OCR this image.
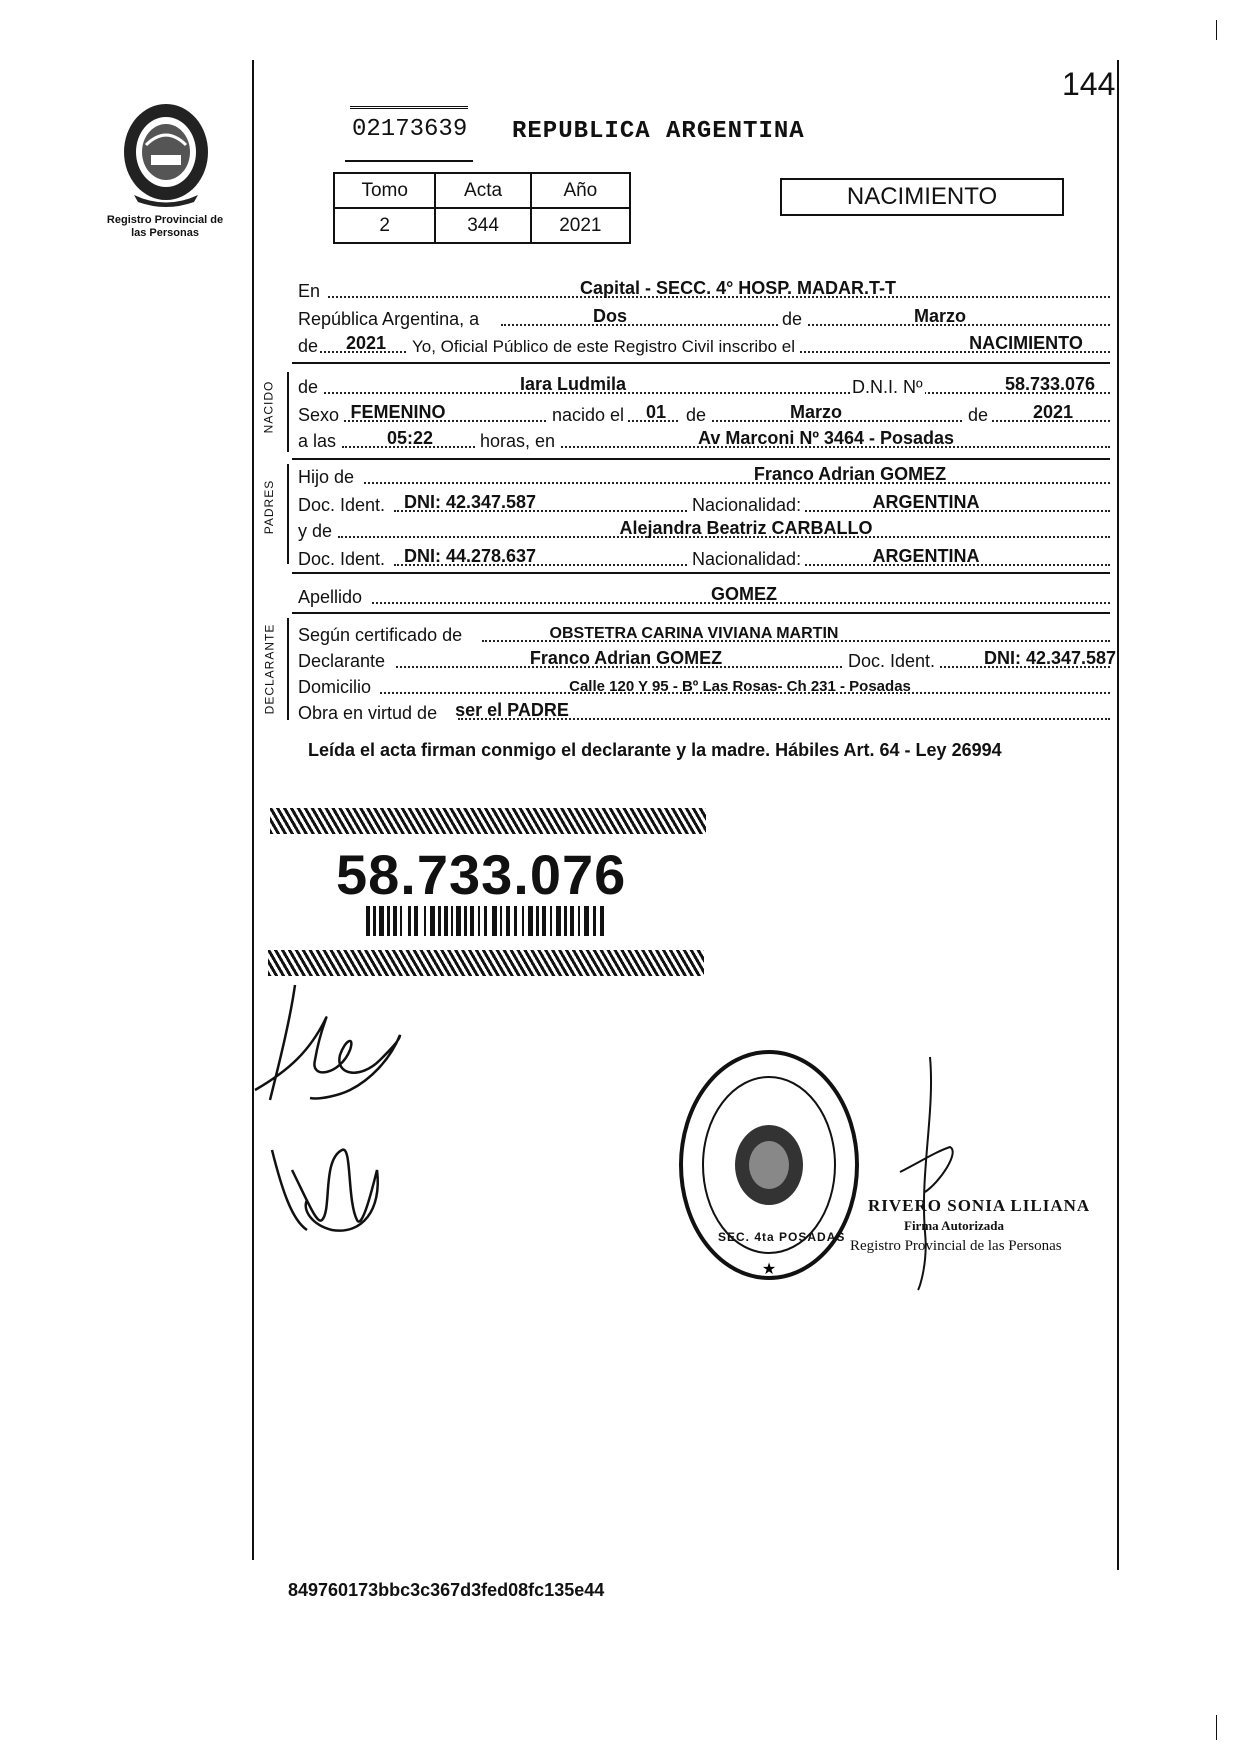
144
Registro Provincial de las Personas
02173639 REPUBLICA ARGENTINA
Tomo	Acta	Año
2	344	2021
NACIMIENTO
En	Capital - SECC. 4° HOSP. MADAR.T-T
República Argentina, a	Dos	de	Marzo
de 2021 Yo, Oficial Público de este Registro Civil inscribo el	NACIMIENTO
NACIDO de	Iara Ludmila	D.N.I. Nº	58.733.076
Sexo FEMENINO	nacido el 01	de	Marzo	de 2021
a las	05:22	horas, en	Av Marconi Nº 3464 - Posadas
PADRES
Hijo de	Franco Adrian GOMEZ
Doc. Ident. DNI: 42.347.587	Nacionalidad:	ARGENTINA
y de	Alejandra Beatriz CARBALLO
Doc. Ident. DNI: 44.278.637	Nacionalidad:	ARGENTINA
Apellido	GOMEZ
DECLARANTE Según certificado de	OBSTETRA CARINA VIVIANA MARTIN
Declarante	Franco Adrian GOMEZ	Doc. Ident.	DNI: 42.347.587
Domicilio	Calle 120 Y 95 - Bº Las Rosas- Ch 231 - Posadas
Obra en virtud de ser el PADRE
Leída el acta firman conmigo el declarante y la madre. Hábiles Art. 64 - Ley 26994
58.733.076
★
SEC. 4ta POSADAS
RIVERO SONIA LILIANA
Firma Autorizada
Registro Provincial de las Personas
849760173bbc3c367d3fed08fc135e44
